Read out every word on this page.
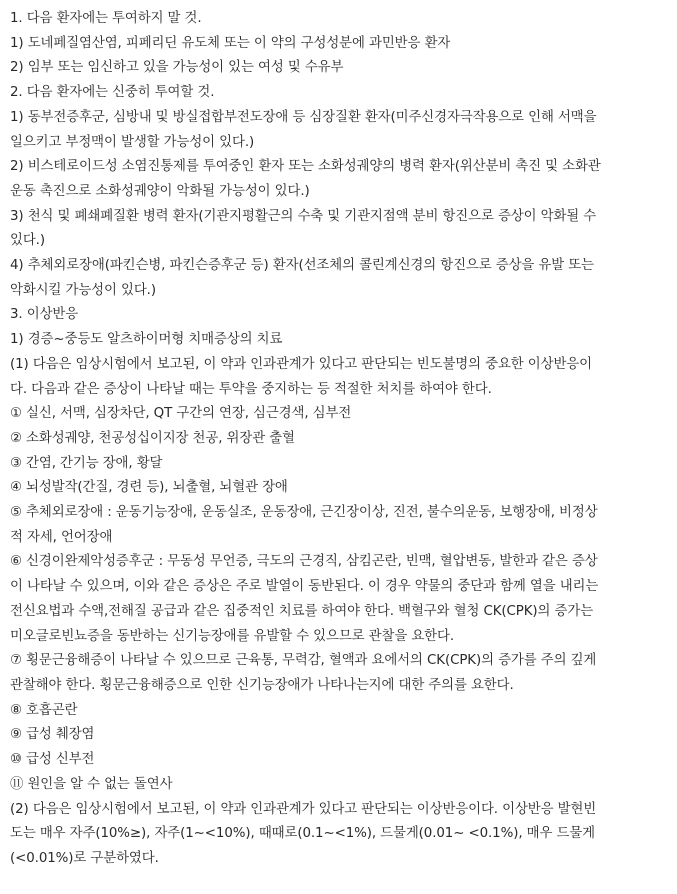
1. 다음 환자에는 투여하지 말 것.
1) 도네페질염산염, 피페리딘 유도체 또는 이 약의 구성성분에 과민반응 환자
2) 임부 또는 임신하고 있을 가능성이 있는 여성 및 수유부
2. 다음 환자에는 신중히 투여할 것.
1) 동부전증후군, 심방내 및 방실접합부전도장애 등 심장질환 환자(미주신경자극작용으로 인해 서맥을
일으키고 부정맥이 발생할 가능성이 있다.)
2) 비스테로이드성 소염진통제를 투여중인 환자 또는 소화성궤양의 병력 환자(위산분비 촉진 및 소화관
운동 촉진으로 소화성궤양이 악화될 가능성이 있다.)
3) 천식 및 폐쇄폐질환 병력 환자(기관지평활근의 수축 및 기관지점액 분비 항진으로 증상이 악화될 수
있다.)
4) 추체외로장애(파킨슨병, 파킨슨증후군 등) 환자(선조체의 콜린계신경의 항진으로 증상을 유발 또는
악화시킬 가능성이 있다.)
3. 이상반응
1) 경증~중등도 알츠하이머형 치매증상의 치료
(1) 다음은 임상시험에서 보고된, 이 약과 인과관계가 있다고 판단되는 빈도불명의 중요한 이상반응이
다. 다음과 같은 증상이 나타날 때는 투약을 중지하는 등 적절한 처치를 하여야 한다.
① 실신, 서맥, 심장차단, QT 구간의 연장, 심근경색, 심부전
② 소화성궤양, 천공성십이지장 천공, 위장관 출혈
③ 간염, 간기능 장애, 황달
④ 뇌성발작(간질, 경련 등), 뇌출혈, 뇌혈관 장애
⑤ 추체외로장애 : 운동기능장애, 운동실조, 운동장애, 근긴장이상, 진전, 불수의운동, 보행장애, 비정상
적 자세, 언어장애
⑥ 신경이완제악성증후군 : 무동성 무언증, 극도의 근경직, 삼킴곤란, 빈맥, 혈압변동, 발한과 같은 증상
이 나타날 수 있으며, 이와 같은 증상은 주로 발열이 동반된다. 이 경우 약물의 중단과 함께 열을 내리는
전신요법과 수액,전해질 공급과 같은 집중적인 치료를 하여야 한다. 백혈구와 혈청 CK(CPK)의 증가는
미오글로빈뇨증을 동반하는 신기능장애를 유발할 수 있으므로 관찰을 요한다.
⑦ 횡문근융해증이 나타날 수 있으므로 근육통, 무력감, 혈액과 요에서의 CK(CPK)의 증가를 주의 깊게
관찰해야 한다. 횡문근융해증으로 인한 신기능장애가 나타나는지에 대한 주의를 요한다.
⑧ 호흡곤란
⑨ 급성 췌장염
⑩ 급성 신부전
⑪ 원인을 알 수 없는 돌연사
(2) 다음은 임상시험에서 보고된, 이 약과 인과관계가 있다고 판단되는 이상반응이다. 이상반응 발현빈
도는 매우 자주(10%≥), 자주(1~<10%), 때때로(0.1~<1%), 드물게(0.01~ <0.1%), 매우 드물게
(<0.01%)로 구분하였다.
